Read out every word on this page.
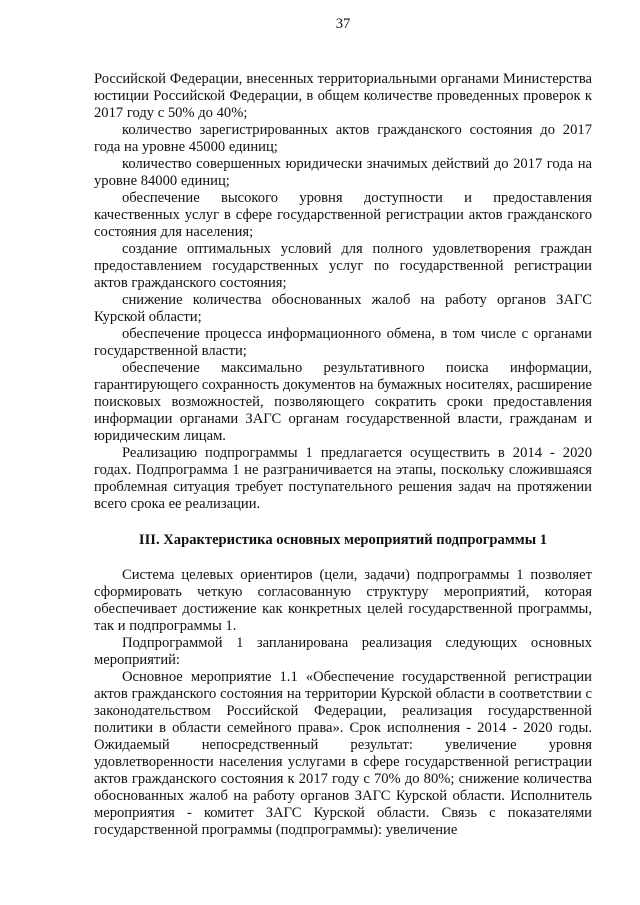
37

Российской Федерации, внесенных территориальными органами Министерства юстиции Российской Федерации, в общем количестве проведенных проверок к 2017 году с 50% до 40%;

количество зарегистрированных актов гражданского состояния до 2017 года на уровне 45000 единиц;

количество совершенных юридически значимых действий до 2017 года на уровне 84000 единиц;

обеспечение высокого уровня доступности и предоставления качественных услуг в сфере государственной регистрации актов гражданского состояния для населения;

создание оптимальных условий для полного удовлетворения граждан предоставлением государственных услуг по государственной регистрации актов гражданского состояния;

снижение количества обоснованных жалоб на работу органов ЗАГС Курской области;

обеспечение процесса информационного обмена, в том числе с органами государственной власти;

обеспечение максимально результативного поиска информации, гарантирующего сохранность документов на бумажных носителях, расширение поисковых возможностей, позволяющего сократить сроки предоставления информации органами ЗАГС органам государственной власти, гражданам и юридическим лицам.

Реализацию подпрограммы 1 предлагается осуществить в 2014 - 2020 годах. Подпрограмма 1 не разграничивается на этапы, поскольку сложившаяся проблемная ситуация требует поступательного решения задач на протяжении всего срока ее реализации.

III. Характеристика основных мероприятий подпрограммы 1

Система целевых ориентиров (цели, задачи) подпрограммы 1 позволяет сформировать четкую согласованную структуру мероприятий, которая обеспечивает достижение как конкретных целей государственной программы, так и подпрограммы 1.

Подпрограммой 1 запланирована реализация следующих основных мероприятий:

Основное мероприятие 1.1 «Обеспечение государственной регистрации актов гражданского состояния на территории Курской области в соответствии с законодательством Российской Федерации, реализация государственной политики в области семейного права». Срок исполнения - 2014 - 2020 годы. Ожидаемый непосредственный результат: увеличение уровня удовлетворенности населения услугами в сфере государственной регистрации актов гражданского состояния к 2017 году с 70% до 80%; снижение количества обоснованных жалоб на работу органов ЗАГС Курской области. Исполнитель мероприятия - комитет ЗАГС Курской области. Связь с показателями государственной программы (подпрограммы): увеличение
